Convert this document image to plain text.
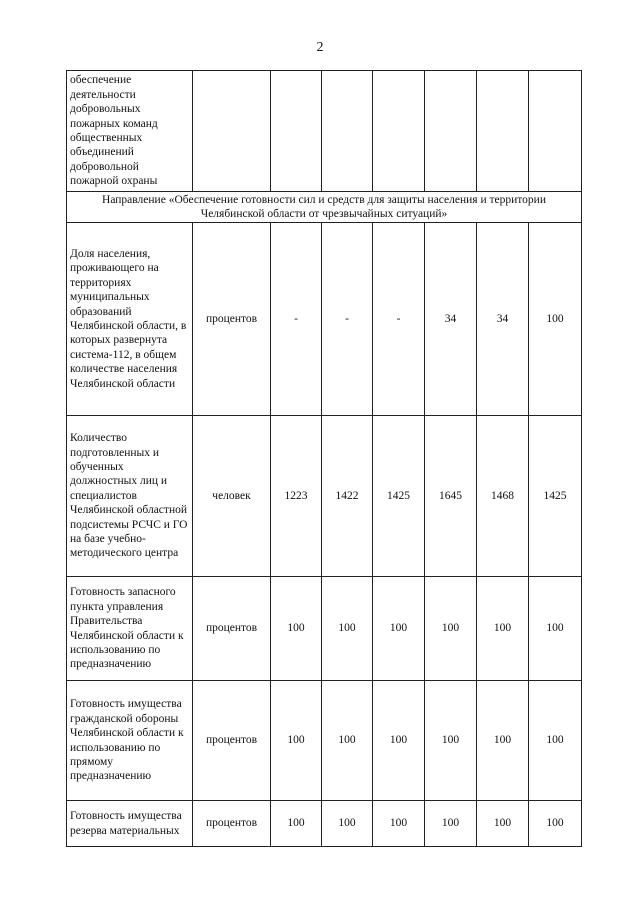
2
обеспечение деятельности добровольных пожарных команд общественных объединений добровольной пожарной охраны							
Направление «Обеспечение готовности сил и средств для защиты населения и территории Челябинской области от чрезвычайных ситуаций»							
Доля населения, проживающего на территориях муниципальных образований Челябинской области, в которых развернута система-112, в общем количестве населения Челябинской области	процентов	-	-	-	34	34	100
Количество подготовленных и обученных должностных лиц и специалистов Челябинской областной подсистемы РСЧС и ГО на базе учебно-методического центра	человек	1223	1422	1425	1645	1468	1425
Готовность запасного пункта управления Правительства Челябинской области к использованию по предназначению	процентов	100	100	100	100	100	100
Готовность имущества гражданской обороны Челябинской области к использованию по прямому предназначению	процентов	100	100	100	100	100	100
Готовность имущества резерва материальных	процентов	100	100	100	100	100	100
